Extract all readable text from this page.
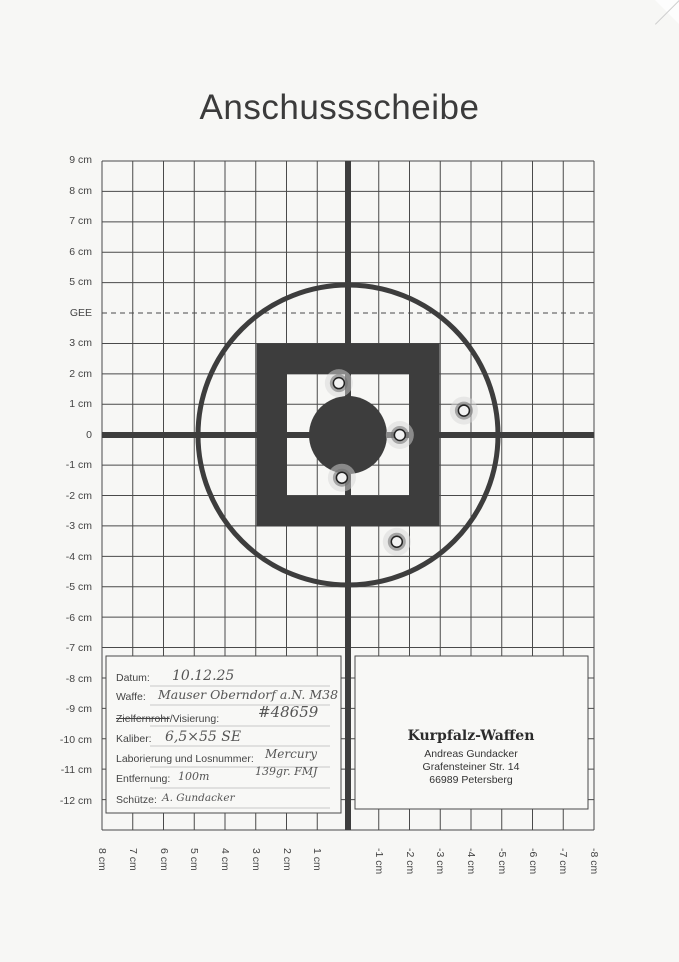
Anschussscheibe
9 cm
8 cm
7 cm
6 cm
5 cm
GEE
3 cm
2 cm
1 cm
0
-1 cm
-2 cm
-3 cm
-4 cm
-5 cm
-6 cm
-7 cm
-8 cm
-9 cm
-10 cm
-11 cm
-12 cm
8 cm 7 cm 6 cm 5 cm 4 cm 3 cm 2 cm 1 cm	-1 cm -2 cm -3 cm -4 cm -5 cm -6 cm -7 cm -8 cm
Datum: 10.12.25
Waffe: Mauser Oberndorf a.N. M38
#48659
Zielfernrohr/Visierung:
Kaliber: 6,5×55 SE
Laborierung und Losnummer: Mercury
139gr. FMJ
Entfernung: 100m
Schütze: A. Gundacker
Kurpfalz-Waffen
Andreas Gundacker
Grafensteiner Str. 14
66989 Petersberg
